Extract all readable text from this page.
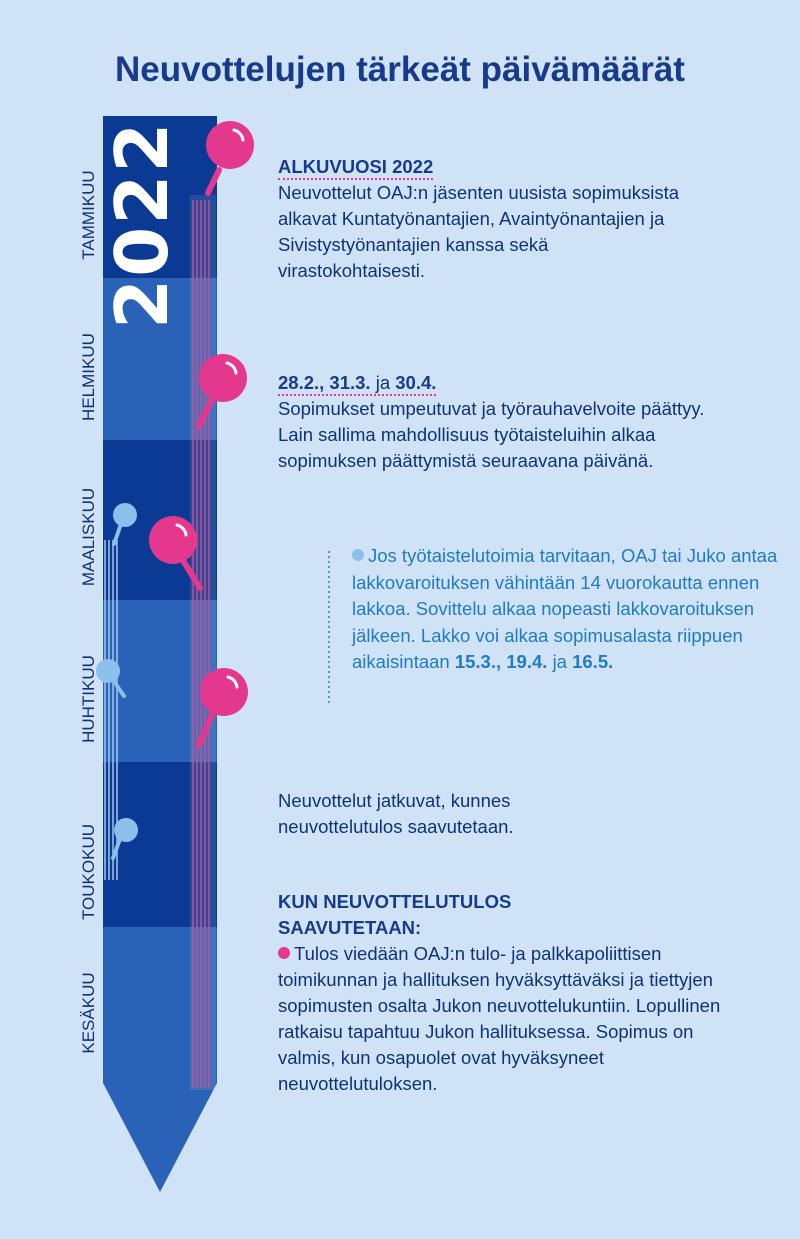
Neuvottelujen tärkeät päivämäärät
TAMMIKUU
HELMIKUU
MAALISKUU
HUHTIKUU
TOUKOKUU
KESÄKUU
2022	ALKUVUOSI 2022

Neuvottelut OAJ:n jäsenten uusista sopimuksista alkavat Kuntatyönantajien, Avaintyönantajien ja Sivistystyönantajien kanssa sekä virastokohtaisesti.

28.2., 31.3. ja 30.4.

Sopimukset umpeutuvat ja työrauhavelvoite päättyy. Lain sallima mahdollisuus työtaisteluihin alkaa sopimuksen päättymistä seuraavana päivänä.

Jos työtaistelutoimia tarvitaan, OAJ tai Juko antaa lakkovaroituksen vähintään 14 vuorokautta ennen lakkoa. Sovittelu alkaa nopeasti lakkovaroituksen jälkeen. Lakko voi alkaa sopimusalasta riippuen aikaisintaan 15.3., 19.4. ja 16.5.

Neuvottelut jatkuvat, kunnes neuvottelutulos saavutetaan.

KUN NEUVOTTELUTULOS SAAVUTETAAN:

Tulos viedään OAJ:n tulo- ja palkkapoliittisen toimikunnan ja hallituksen hyväksyttäväksi ja tiettyjen sopimusten osalta Jukon neuvottelukuntiin. Lopullinen ratkaisu tapahtuu Jukon hallituksessa. Sopimus on valmis, kun osapuolet ovat hyväksyneet neuvottelutuloksen.
